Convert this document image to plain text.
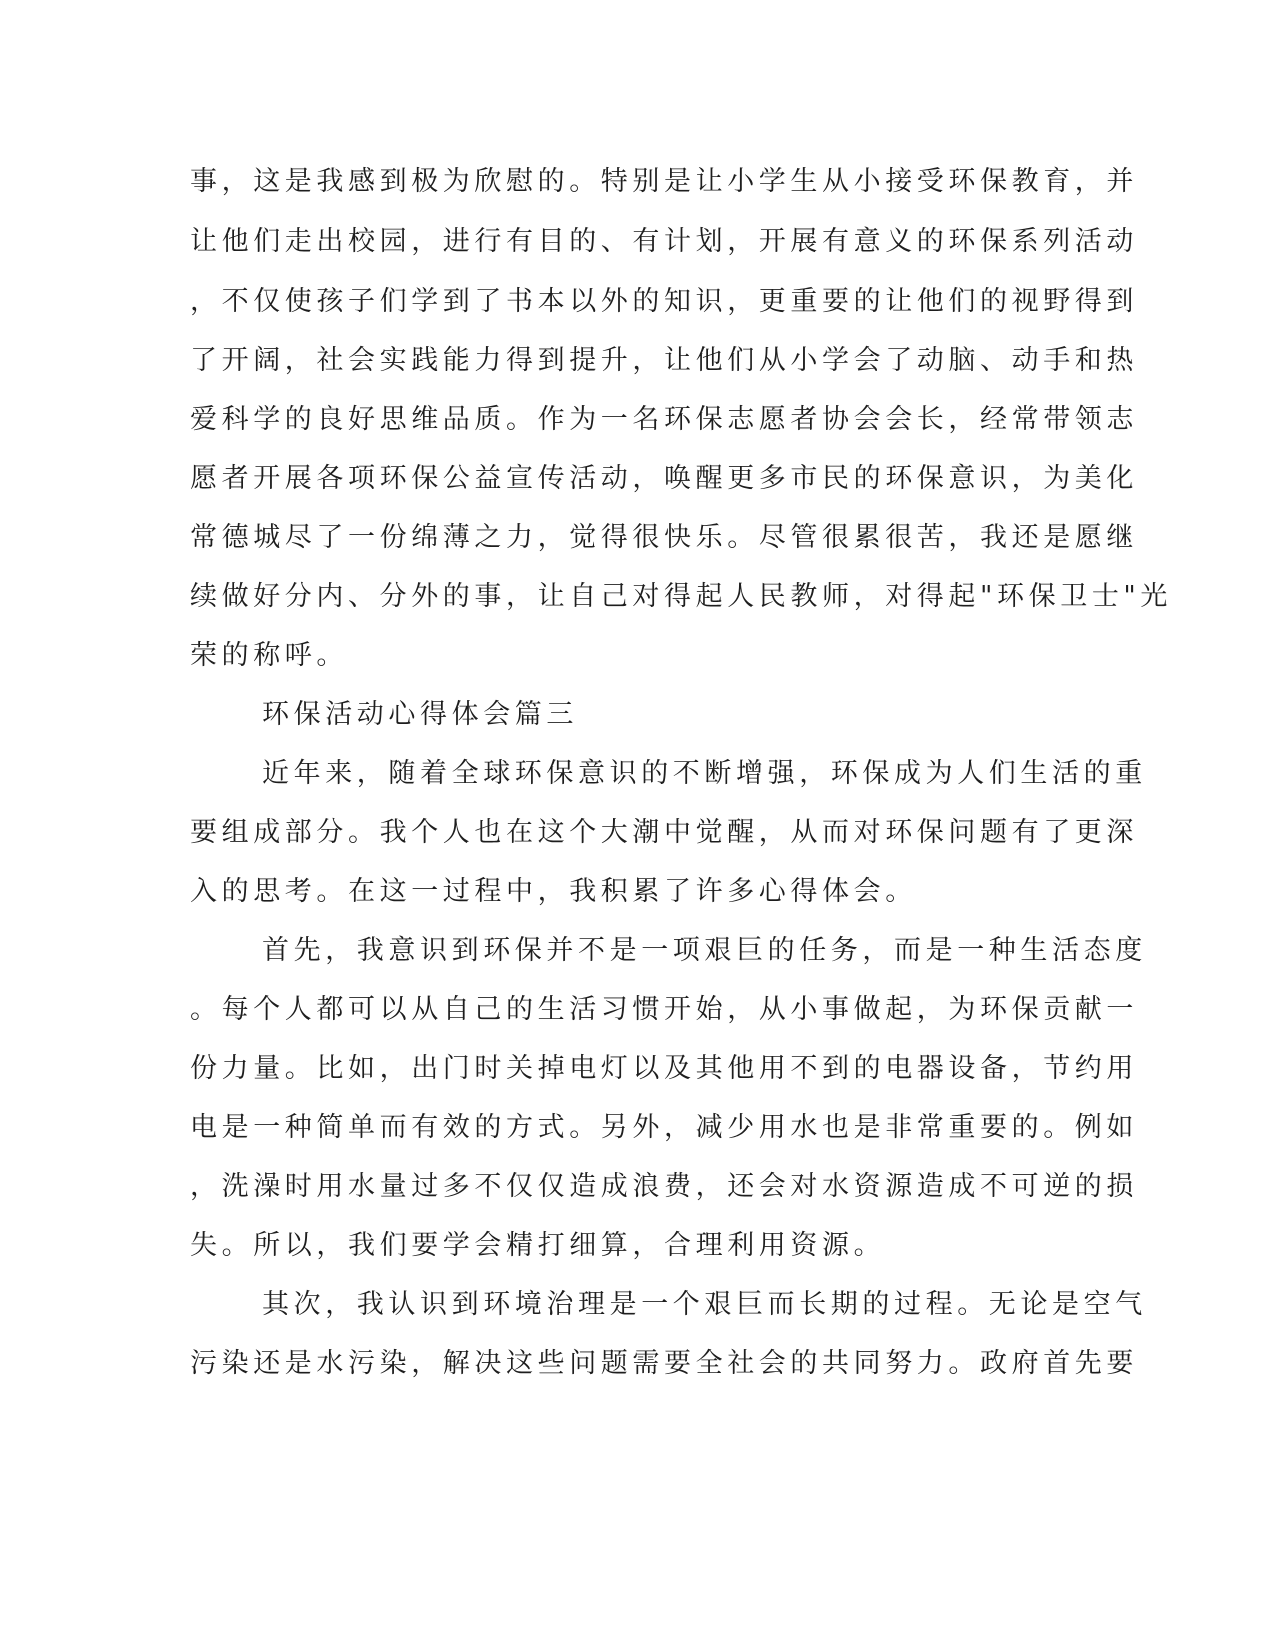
事，这是我感到极为欣慰的。特别是让小学生从小接受环保教育，并
让他们走出校园，进行有目的、有计划，开展有意义的环保系列活动
，不仅使孩子们学到了书本以外的知识，更重要的让他们的视野得到
了开阔，社会实践能力得到提升，让他们从小学会了动脑、动手和热
爱科学的良好思维品质。作为一名环保志愿者协会会长，经常带领志
愿者开展各项环保公益宣传活动，唤醒更多市民的环保意识，为美化
常德城尽了一份绵薄之力，觉得很快乐。尽管很累很苦，我还是愿继
续做好分内、分外的事，让自己对得起人民教师，对得起"环保卫士"光
荣的称呼。
环保活动心得体会篇三
近年来，随着全球环保意识的不断增强，环保成为人们生活的重
要组成部分。我个人也在这个大潮中觉醒，从而对环保问题有了更深
入的思考。在这一过程中，我积累了许多心得体会。
首先，我意识到环保并不是一项艰巨的任务，而是一种生活态度
。每个人都可以从自己的生活习惯开始，从小事做起，为环保贡献一
份力量。比如，出门时关掉电灯以及其他用不到的电器设备，节约用
电是一种简单而有效的方式。另外，减少用水也是非常重要的。例如
，洗澡时用水量过多不仅仅造成浪费，还会对水资源造成不可逆的损
失。所以，我们要学会精打细算，合理利用资源。
其次，我认识到环境治理是一个艰巨而长期的过程。无论是空气
污染还是水污染，解决这些问题需要全社会的共同努力。政府首先要
